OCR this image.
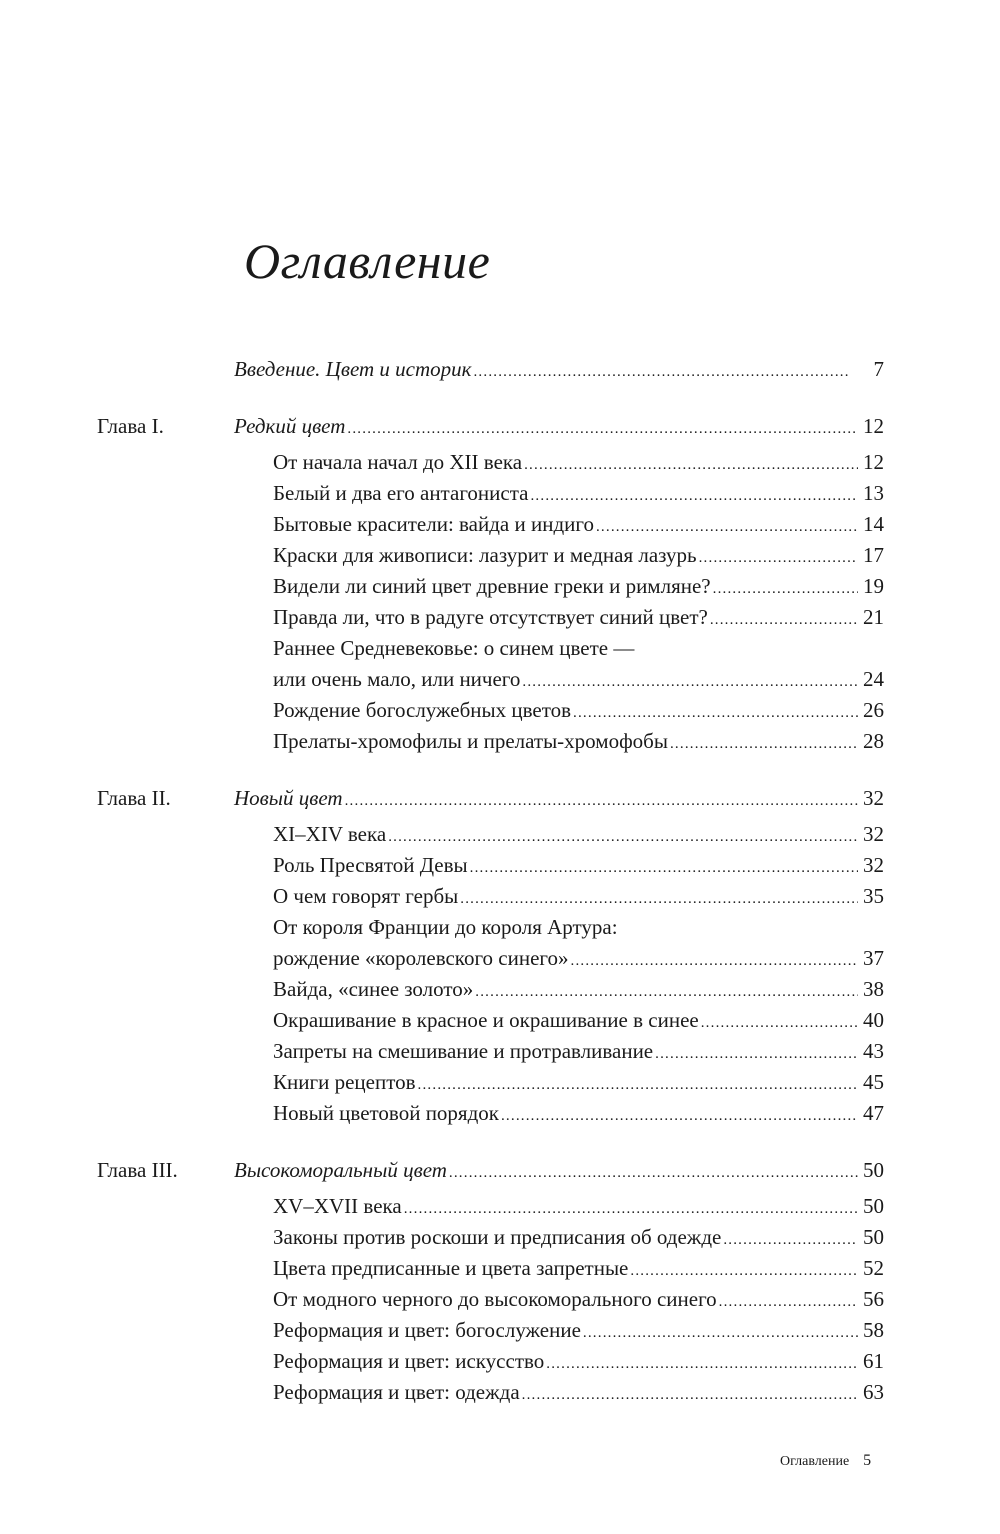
Оглавление
Введение. Цвет и историк .....	7
Глава I.	Редкий цвет .....	12
От начала начал до XII века .....	12
Белый и два его антагониста .....	13
Бытовые красители: вайда и индиго .....	14
Краски для живописи: лазурит и медная лазурь .....	17
Видели ли синий цвет древние греки и римляне? .....	19
Правда ли, что в радуге отсутствует синий цвет? .....	21
Раннее Средневековье: о синем цвете —
или очень мало, или ничего .....	24
Рождение богослужебных цветов .....	26
Прелаты-хромофилы и прелаты-хромофобы .....	28
Глава II.	Новый цвет .....	32
XI–XIV века .....	32
Роль Пресвятой Девы .....	32
О чем говорят гербы .....	35
От короля Франции до короля Артура:
рождение «королевского синего» .....	37
Вайда, «синее золото» .....	38
Окрашивание в красное и окрашивание в синее .....	40
Запреты на смешивание и протравливание .....	43
Книги рецептов .....	45
Новый цветовой порядок .....	47
Глава III.	Высокоморальный цвет .....	50
XV–XVII века .....	50
Законы против роскоши и предписания об одежде .....	50
Цвета предписанные и цвета запретные .....	52
От модного черного до высокоморального синего .....	56
Реформация и цвет: богослужение .....	58
Реформация и цвет: искусство .....	61
Реформация и цвет: одежда .....	63
Оглавление 5
